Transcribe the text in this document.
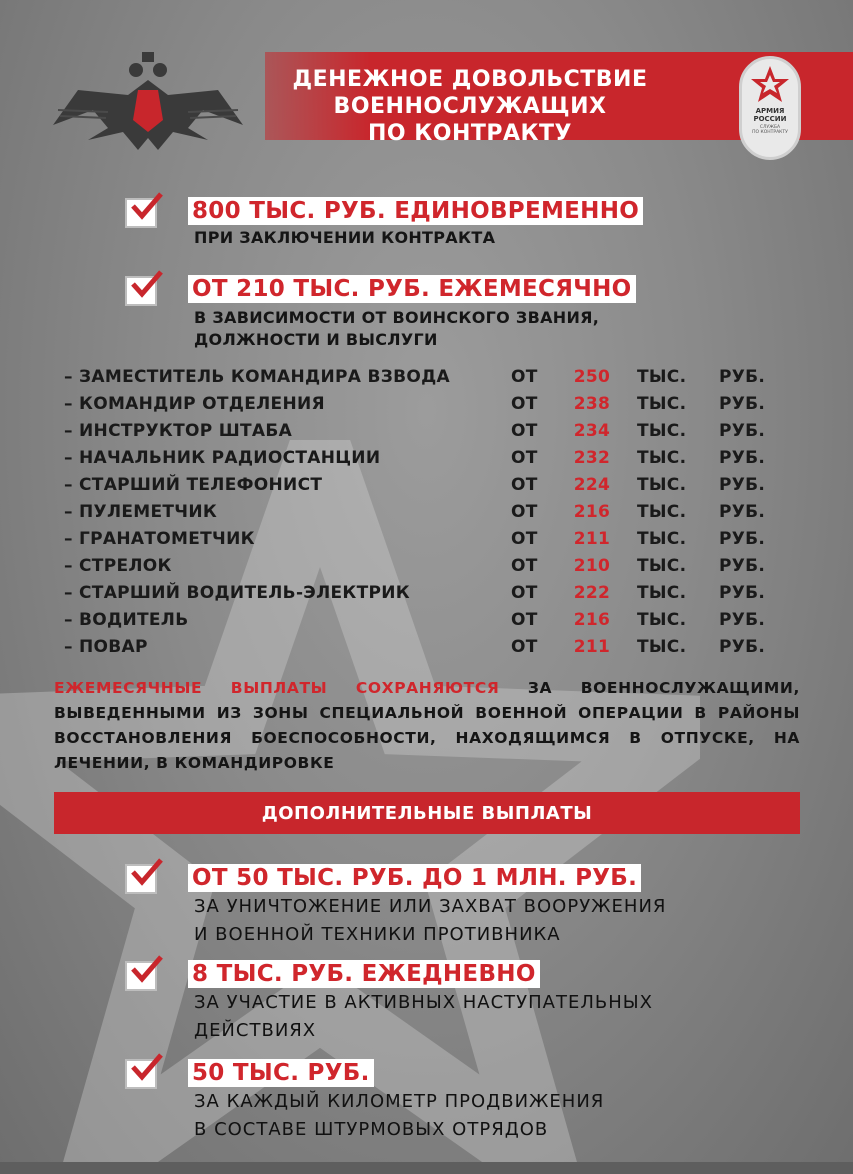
ДЕНЕЖНОЕ ДОВОЛЬСТВИЕ
ВОЕННОСЛУЖАЩИХ
ПО КОНТРАКТУ
АРМИЯ
РОССИИ
СЛУЖБА
ПО КОНТРАКТУ
800 ТЫС. РУБ. ЕДИНОВРЕМЕННО
ПРИ ЗАКЛЮЧЕНИИ КОНТРАКТА
ОТ 210 ТЫС. РУБ. ЕЖЕМЕСЯЧНО
В ЗАВИСИМОСТИ ОТ ВОИНСКОГО ЗВАНИЯ,
ДОЛЖНОСТИ И ВЫСЛУГИ
– ЗАМЕСТИТЕЛЬ КОМАНДИРА ВЗВОДА	ОТ	250	ТЫС. РУБ.
– КОМАНДИР ОТДЕЛЕНИЯ	ОТ	238	ТЫС. РУБ.
– ИНСТРУКТОР ШТАБА	ОТ	234	ТЫС. РУБ.
– НАЧАЛЬНИК РАДИОСТАНЦИИ	ОТ	232	ТЫС. РУБ.
– СТАРШИЙ ТЕЛЕФОНИСТ	ОТ	224	ТЫС. РУБ.
– ПУЛЕМЕТЧИК	ОТ	216	ТЫС. РУБ.
– ГРАНАТОМЕТЧИК	ОТ	211	ТЫС. РУБ.
– СТРЕЛОК	ОТ	210	ТЫС. РУБ.
– СТАРШИЙ ВОДИТЕЛЬ-ЭЛЕКТРИК	ОТ	222	ТЫС. РУБ.
– ВОДИТЕЛЬ	ОТ	216	ТЫС. РУБ.
– ПОВАР	ОТ	211	ТЫС. РУБ.
ЕЖЕМЕСЯЧНЫЕ ВЫПЛАТЫ СОХРАНЯЮТСЯ ЗА ВОЕННОСЛУЖАЩИМИ, ВЫВЕДЕННЫМИ ИЗ ЗОНЫ СПЕЦИАЛЬНОЙ ВОЕННОЙ ОПЕРАЦИИ В РАЙОНЫ ВОССТАНОВЛЕНИЯ БОЕСПОСОБНОСТИ, НАХОДЯЩИМСЯ В ОТПУСКЕ, НА ЛЕЧЕНИИ, В КОМАНДИРОВКЕ
ДОПОЛНИТЕЛЬНЫЕ ВЫПЛАТЫ
ОТ 50 ТЫС. РУБ. ДО 1 МЛН. РУБ.
ЗА УНИЧТОЖЕНИЕ ИЛИ ЗАХВАТ ВООРУЖЕНИЯ
И ВОЕННОЙ ТЕХНИКИ ПРОТИВНИКА
8 ТЫС. РУБ. ЕЖЕДНЕВНО
ЗА УЧАСТИЕ В АКТИВНЫХ НАСТУПАТЕЛЬНЫХ
ДЕЙСТВИЯХ
50 ТЫС. РУБ.
ЗА КАЖДЫЙ КИЛОМЕТР ПРОДВИЖЕНИЯ
В СОСТАВЕ ШТУРМОВЫХ ОТРЯДОВ
